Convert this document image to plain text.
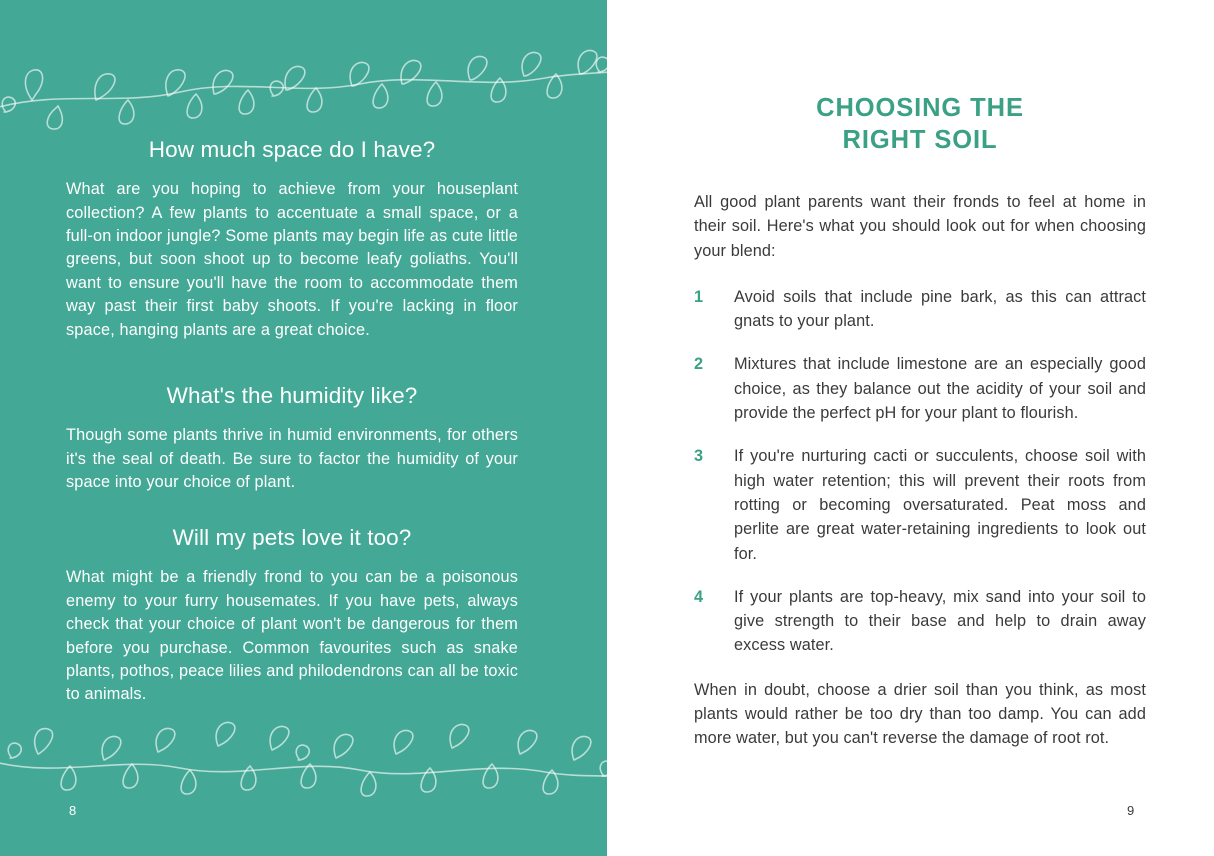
How much space do I have?

What are you hoping to achieve from your houseplant collection? A few plants to accentuate a small space, or a full-on indoor jungle? Some plants may begin life as cute little greens, but soon shoot up to become leafy goliaths. You'll want to ensure you'll have the room to accommodate them way past their first baby shoots. If you're lacking in floor space, hanging plants are a great choice.

What's the humidity like?

Though some plants thrive in humid environments, for others it's the seal of death. Be sure to factor the humidity of your space into your choice of plant.

Will my pets love it too?

What might be a friendly frond to you can be a poisonous enemy to your furry housemates. If you have pets, always check that your choice of plant won't be dangerous for them before you purchase. Common favourites such as snake plants, pothos, peace lilies and philodendrons can all be toxic to animals.

8
CHOOSING THE
RIGHT SOIL

All good plant parents want their fronds to feel at home in their soil. Here's what you should look out for when choosing your blend:

1	Avoid soils that include pine bark, as this can attract gnats to your plant.
2	Mixtures that include limestone are an especially good choice, as they balance out the acidity of your soil and provide the perfect pH for your plant to flourish.
3	If you're nurturing cacti or succulents, choose soil with high water retention; this will prevent their roots from rotting or becoming oversaturated. Peat moss and perlite are great water-retaining ingredients to look out for.
4	If your plants are top-heavy, mix sand into your soil to give strength to their base and help to drain away excess water.

When in doubt, choose a drier soil than you think, as most plants would rather be too dry than too damp. You can add more water, but you can't reverse the damage of root rot.

9
